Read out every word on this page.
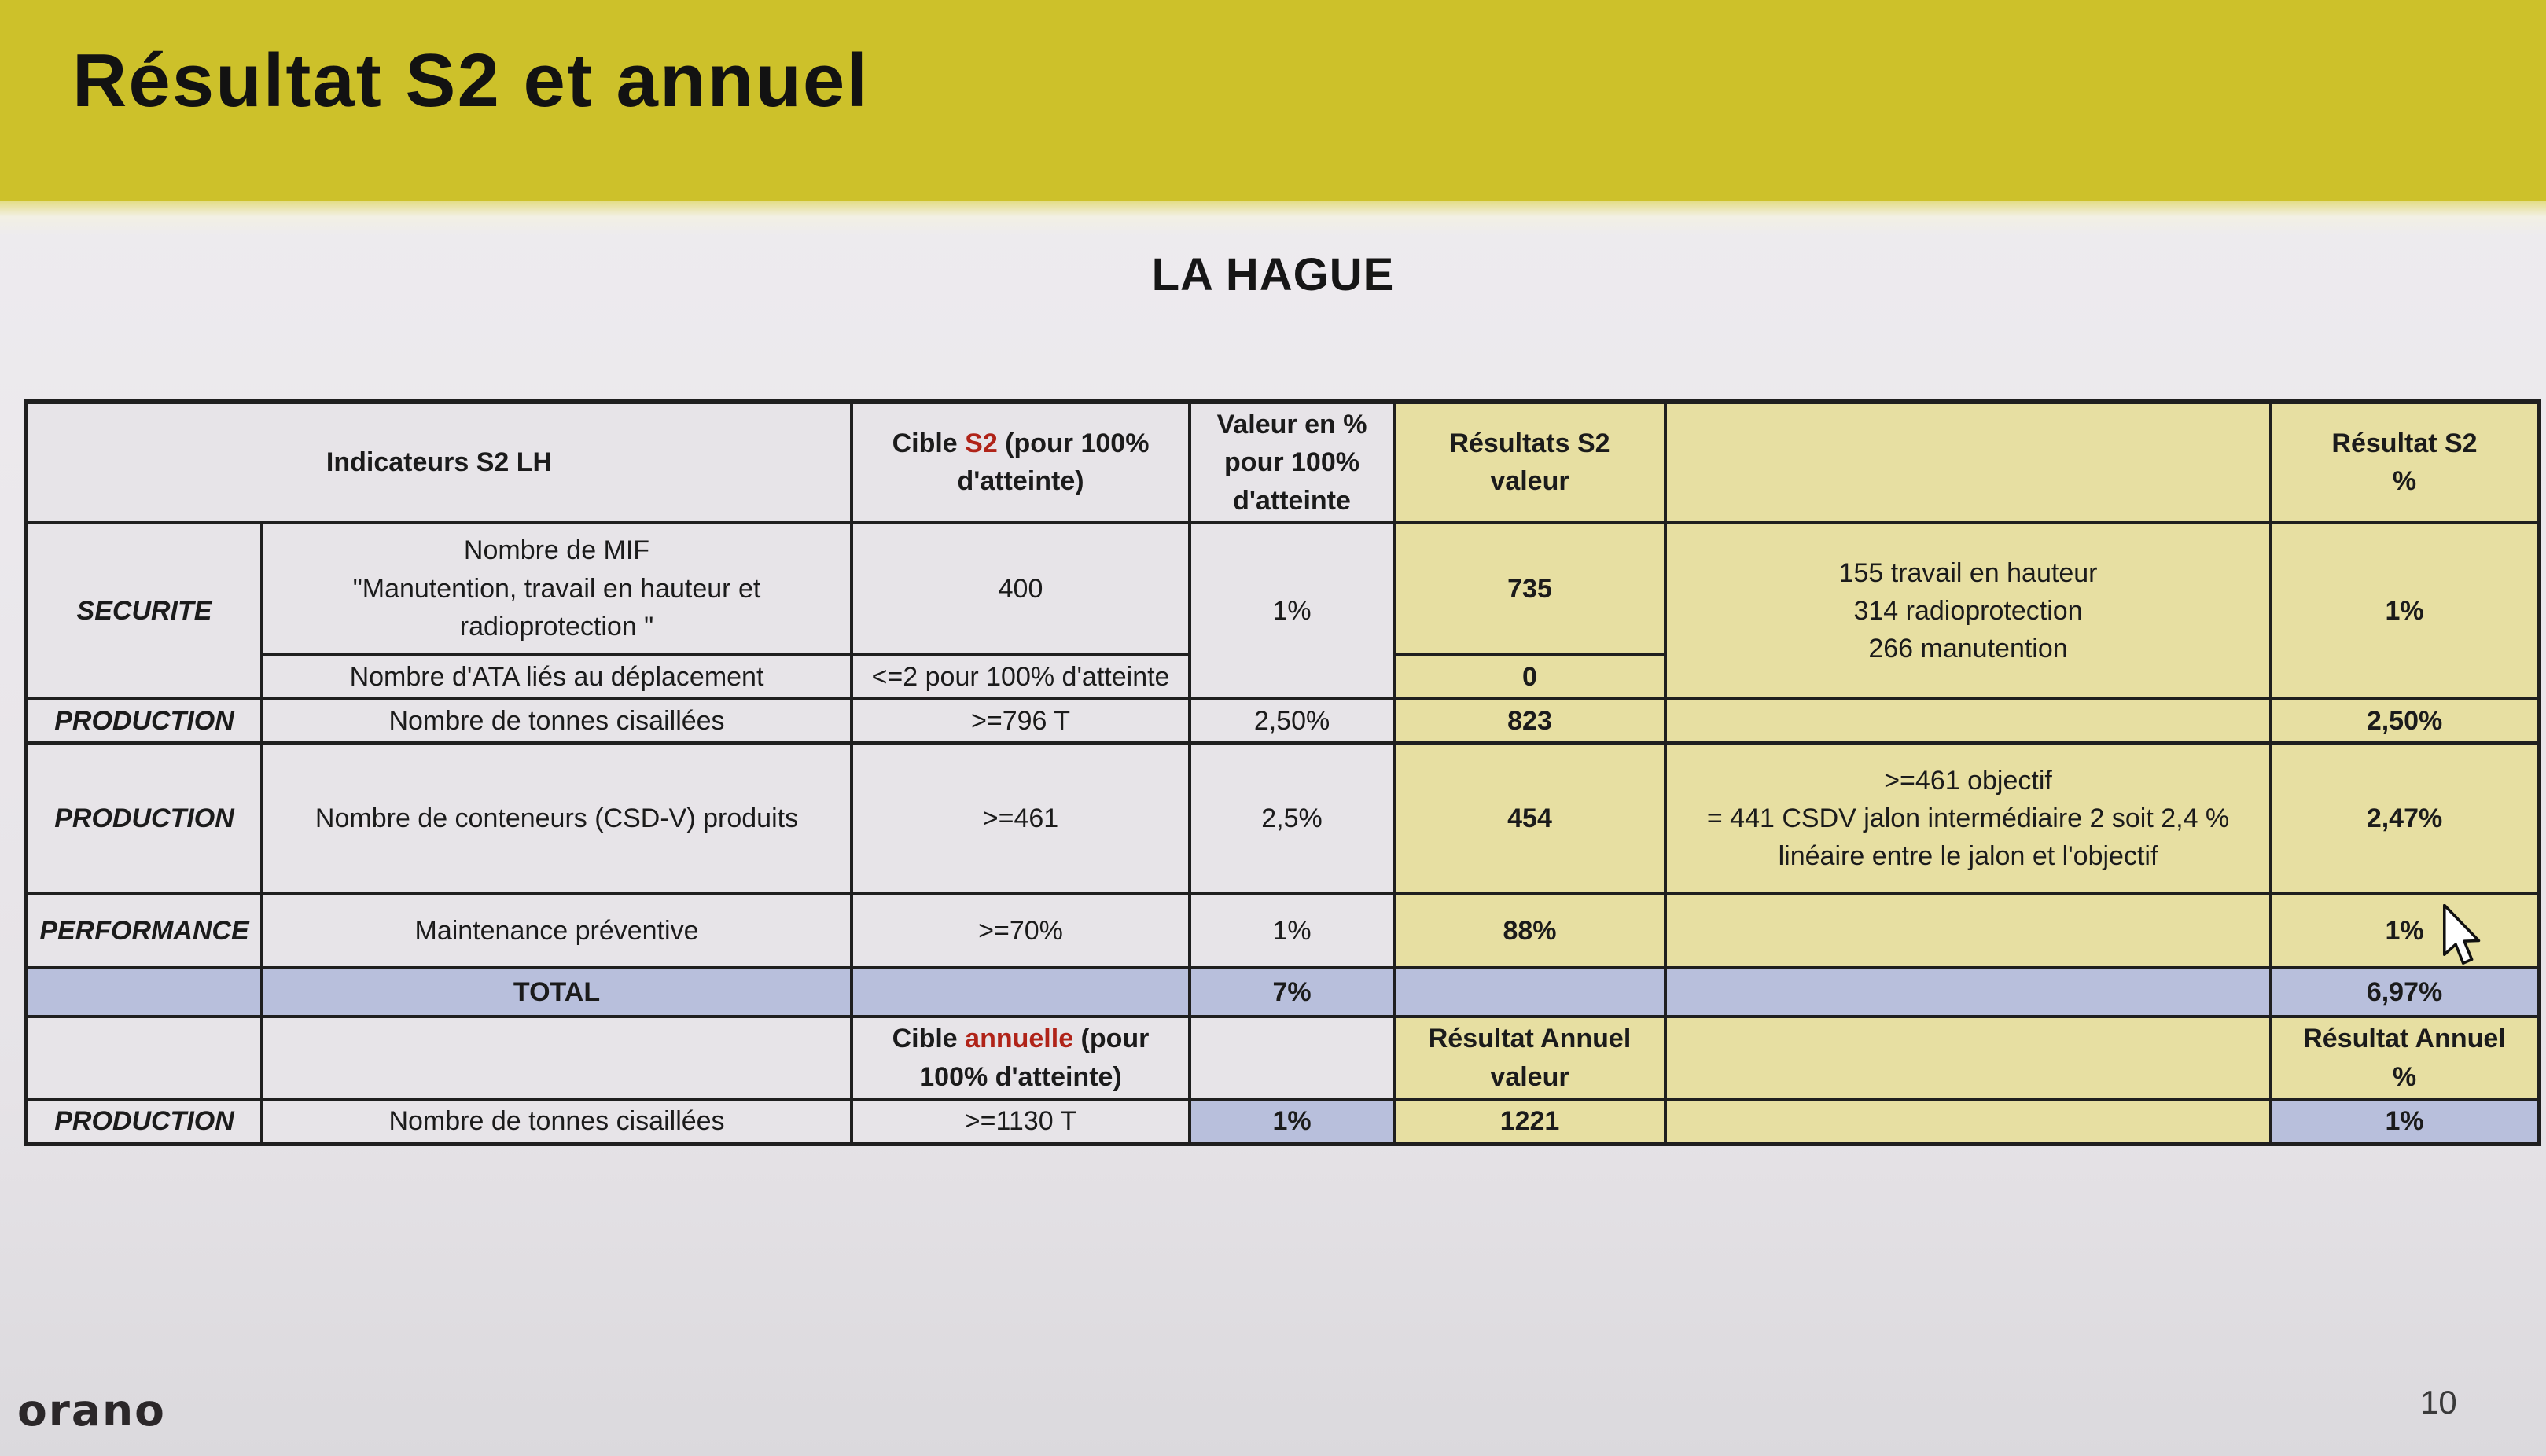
Résultat S2 et annuel
LA HAGUE
Indicateurs S2 LH		Cible S2 (pour 100% d'atteinte)	Valeur en %
pour 100%
d'atteinte	Résultats S2
valeur		Résultat S2
%

SECURITE	Nombre de MIF
"Manutention, travail en hauteur et
radioprotection "	400	1%	735	155 travail en hauteur
314 radioprotection
266 manutention	1%
	Nombre d'ATA liés au déplacement	<=2 pour 100% d'atteinte		0		
PRODUCTION	Nombre de tonnes cisaillées	>=796 T	2,50%	823		2,50%
PRODUCTION	Nombre de conteneurs (CSD-V) produits	>=461	2,5%	454	>=461 objectif
= 441 CSDV jalon intermédiaire 2 soit 2,4 %
linéaire entre le jalon et l'objectif	2,47%
PERFORMANCE	Maintenance préventive	>=70%	1%	88%		1%
	TOTAL		7%			6,97%
		Cible annuelle (pour 100% d'atteinte)		Résultat Annuel
valeur		Résultat Annuel
%

PRODUCTION	Nombre de tonnes cisaillées	>=1130 T	1%	1221		1%
orano	10
